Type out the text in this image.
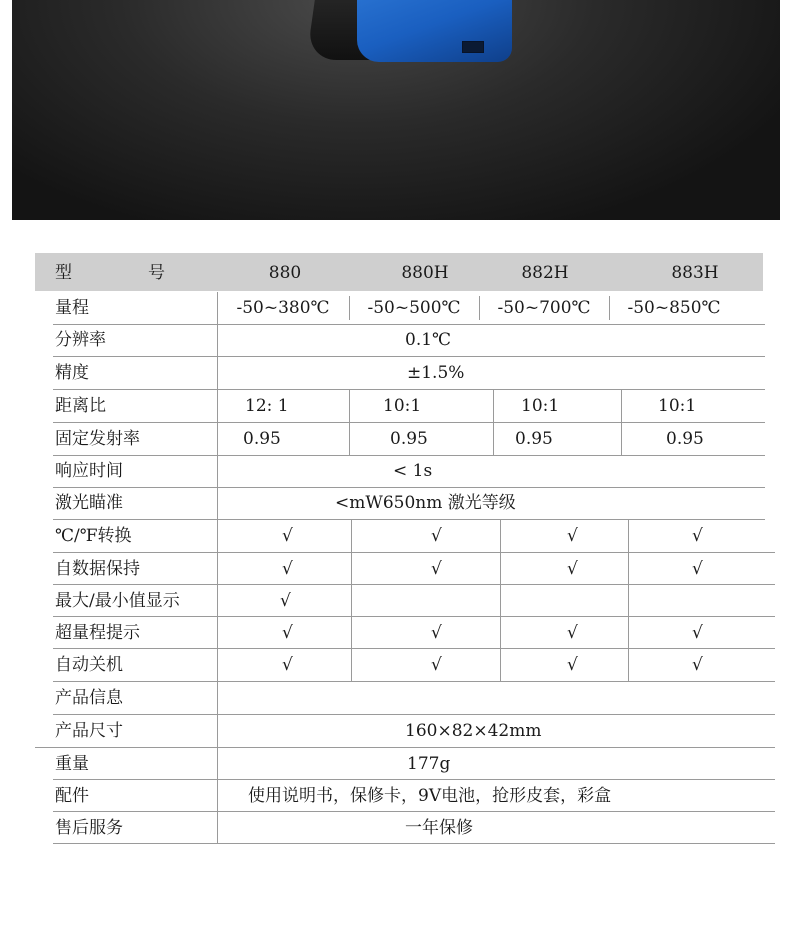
型	号	880	880H	882H	883H
量程	-50~380℃	-50~500℃	-50~700℃	-50~850℃
分辨率	0.1℃
精度	±1.5%
距离比	12: 1	10:1	10:1	10:1
固定发射率	0.95	0.95	0.95	0.95
响应时间	< 1s
激光瞄准	<mW650nm 激光等级
℃/℉转换	√	√	√	√
自数据保持	√	√	√	√
最大/最小值显示	√
超量程提示	√	√	√	√
自动关机	√	√	√	√
产品信息
产品尺寸	160×82×42mm
重量	177g
配件	使用说明书，保修卡，9V电池，抢形皮套，彩盒
售后服务	一年保修
